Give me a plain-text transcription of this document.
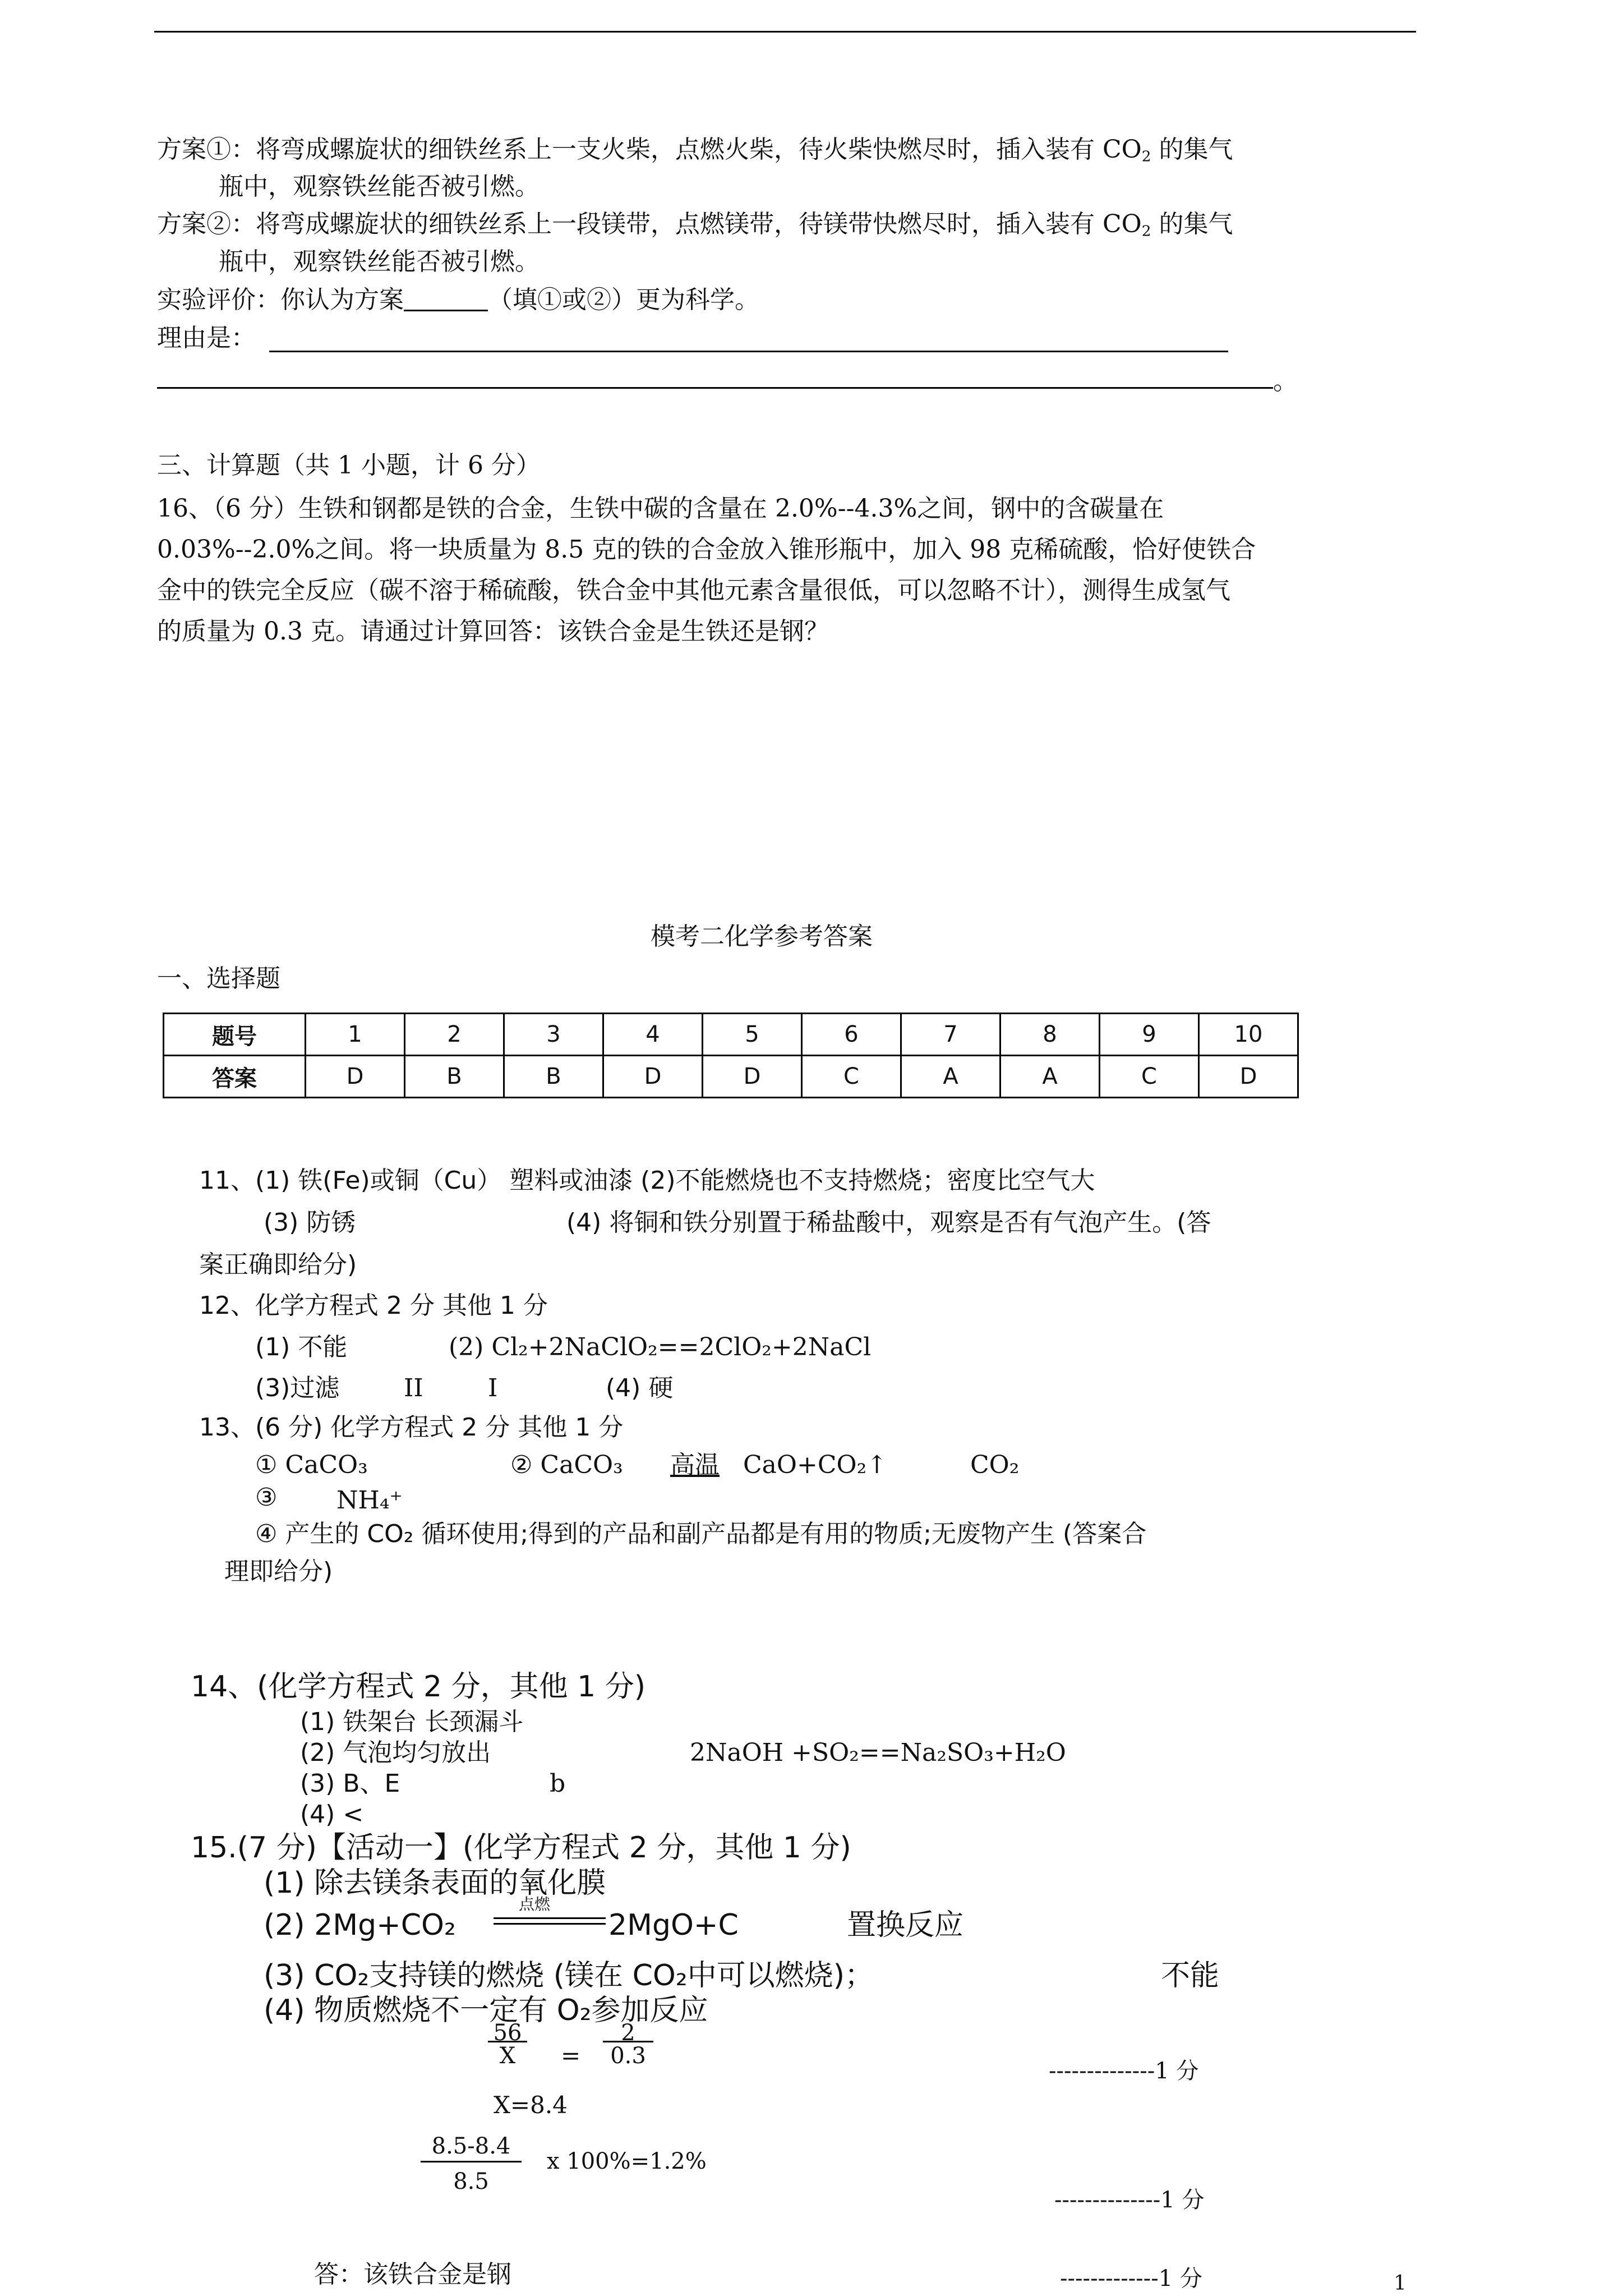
方案①：将弯成螺旋状的细铁丝系上一支火柴，点燃火柴，待火柴快燃尽时，插入装有 $CO_2$ 的集气
瓶中，观察铁丝能否被引燃。
方案②：将弯成螺旋状的细铁丝系上一段镁带，点燃镁带，待镁带快燃尽时，插入装有 $CO_2$ 的集气
瓶中，观察铁丝能否被引燃。
实验评价：你认为方案	（填①或②）更为科学。
理由是：
。
三、计算题（共 1 小题，计 6 分）
16、（6 分）生铁和钢都是铁的合金，生铁中碳的含量在 2.0%--4.3%之间，钢中的含碳量在
0.03%--2.0%之间。将一块质量为 8.5 克的铁的合金放入锥形瓶中，加入 98 克稀硫酸，恰好使铁合
金中的铁完全反应（碳不溶于稀硫酸，铁合金中其他元素含量很低，可以忽略不计），测得生成氢气
的质量为 0.3 克。请通过计算回答：该铁合金是生铁还是钢？
模考二化学参考答案
一、选择题
题号	1	2	3	4	5	6	7	8	9	10
答案	D	B	B	D	D	C	A	A	C	D
11、(1) 铁(Fe)或铜（Cu） 塑料或油漆 (2)不能燃烧也不支持燃烧；密度比空气大
(3) 防锈	(4) 将铜和铁分别置于稀盐酸中，观察是否有气泡产生。(答
案正确即给分)
12、化学方程式 2 分 其他 1 分
(1) 不能	(2) Cl₂+2NaClO₂==2ClO₂+2NaCl
(3)过滤	II	I	(4) 硬
13、(6 分) 化学方程式 2 分 其他 1 分
① CaCO₃	② CaCO₃ 高温 CaO+CO₂↑	CO₂
③ NH₄⁺
④ 产生的 CO₂ 循环使用;得到的产品和副产品都是有用的物质;无废物产生 (答案合
理即给分)
14、(化学方程式 2 分，其他 1 分)
(1) 铁架台 长颈漏斗
(2) 气泡均匀放出	2NaOH +SO₂==Na₂SO₃+H₂O
(3) B、E	b
(4) <
15.(7 分)【活动一】(化学方程式 2 分，其他 1 分)
(1) 除去镁条表面的氧化膜
(2) 2Mg+CO₂
点燃
2MgO+C	置换反应
(3) CO₂支持镁的燃烧 (镁在 CO₂中可以燃烧)；	不能
(4) 物质燃烧不一定有 O₂参加反应
$\frac{56}{X} = \frac{2}{0.3}$
--------------1 分
X=8.4
$\frac{8.5-8.4}{8.5}$ x 100%=1.2%
--------------1 分
答：该铁合金是钢	-------------1 分	1
